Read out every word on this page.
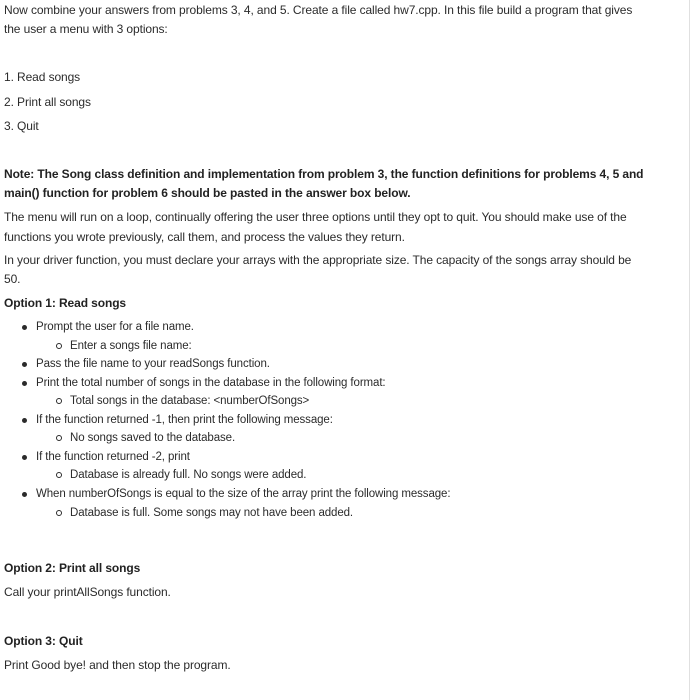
Now combine your answers from problems 3, 4, and 5. Create a file called hw7.cpp. In this file build a program that gives
the user a menu with 3 options:
1. Read songs
2. Print all songs
3. Quit
Note: The Song class definition and implementation from problem 3, the function definitions for problems 4, 5 and
main() function for problem 6 should be pasted in the answer box below.
The menu will run on a loop, continually offering the user three options until they opt to quit. You should make use of the
functions you wrote previously, call them, and process the values they return.
In your driver function, you must declare your arrays with the appropriate size. The capacity of the songs array should be
50.
Option 1: Read songs
Prompt the user for a file name.
Enter a songs file name:
Pass the file name to your readSongs function.
Print the total number of songs in the database in the following format:
Total songs in the database: <numberOfSongs>
If the function returned -1, then print the following message:
No songs saved to the database.
If the function returned -2, print
Database is already full. No songs were added.
When numberOfSongs is equal to the size of the array print the following message:
Database is full. Some songs may not have been added.
Option 2: Print all songs
Call your printAllSongs function.
Option 3: Quit
Print Good bye! and then stop the program.
